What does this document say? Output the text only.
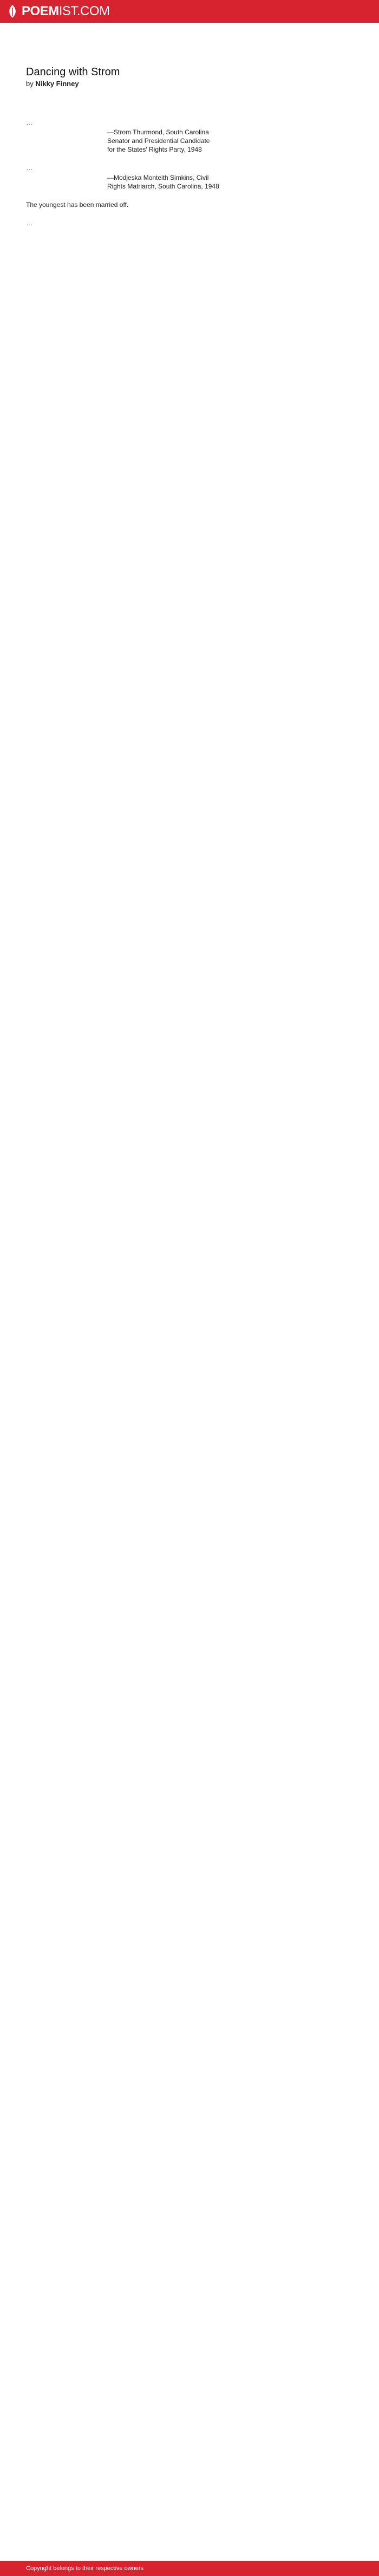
POEMIST.COM
Dancing with Strom

by Nikky Finney

…

—Strom Thurmond, South Carolina

Senator and Presidential Candidate

for the States' Rights Party, 1948

…

—Modjeska Monteith Simkins, Civil

Rights Matriarch, South Carolina, 1948

The youngest has been married off.

…

Copyright belongs to their respective owners
